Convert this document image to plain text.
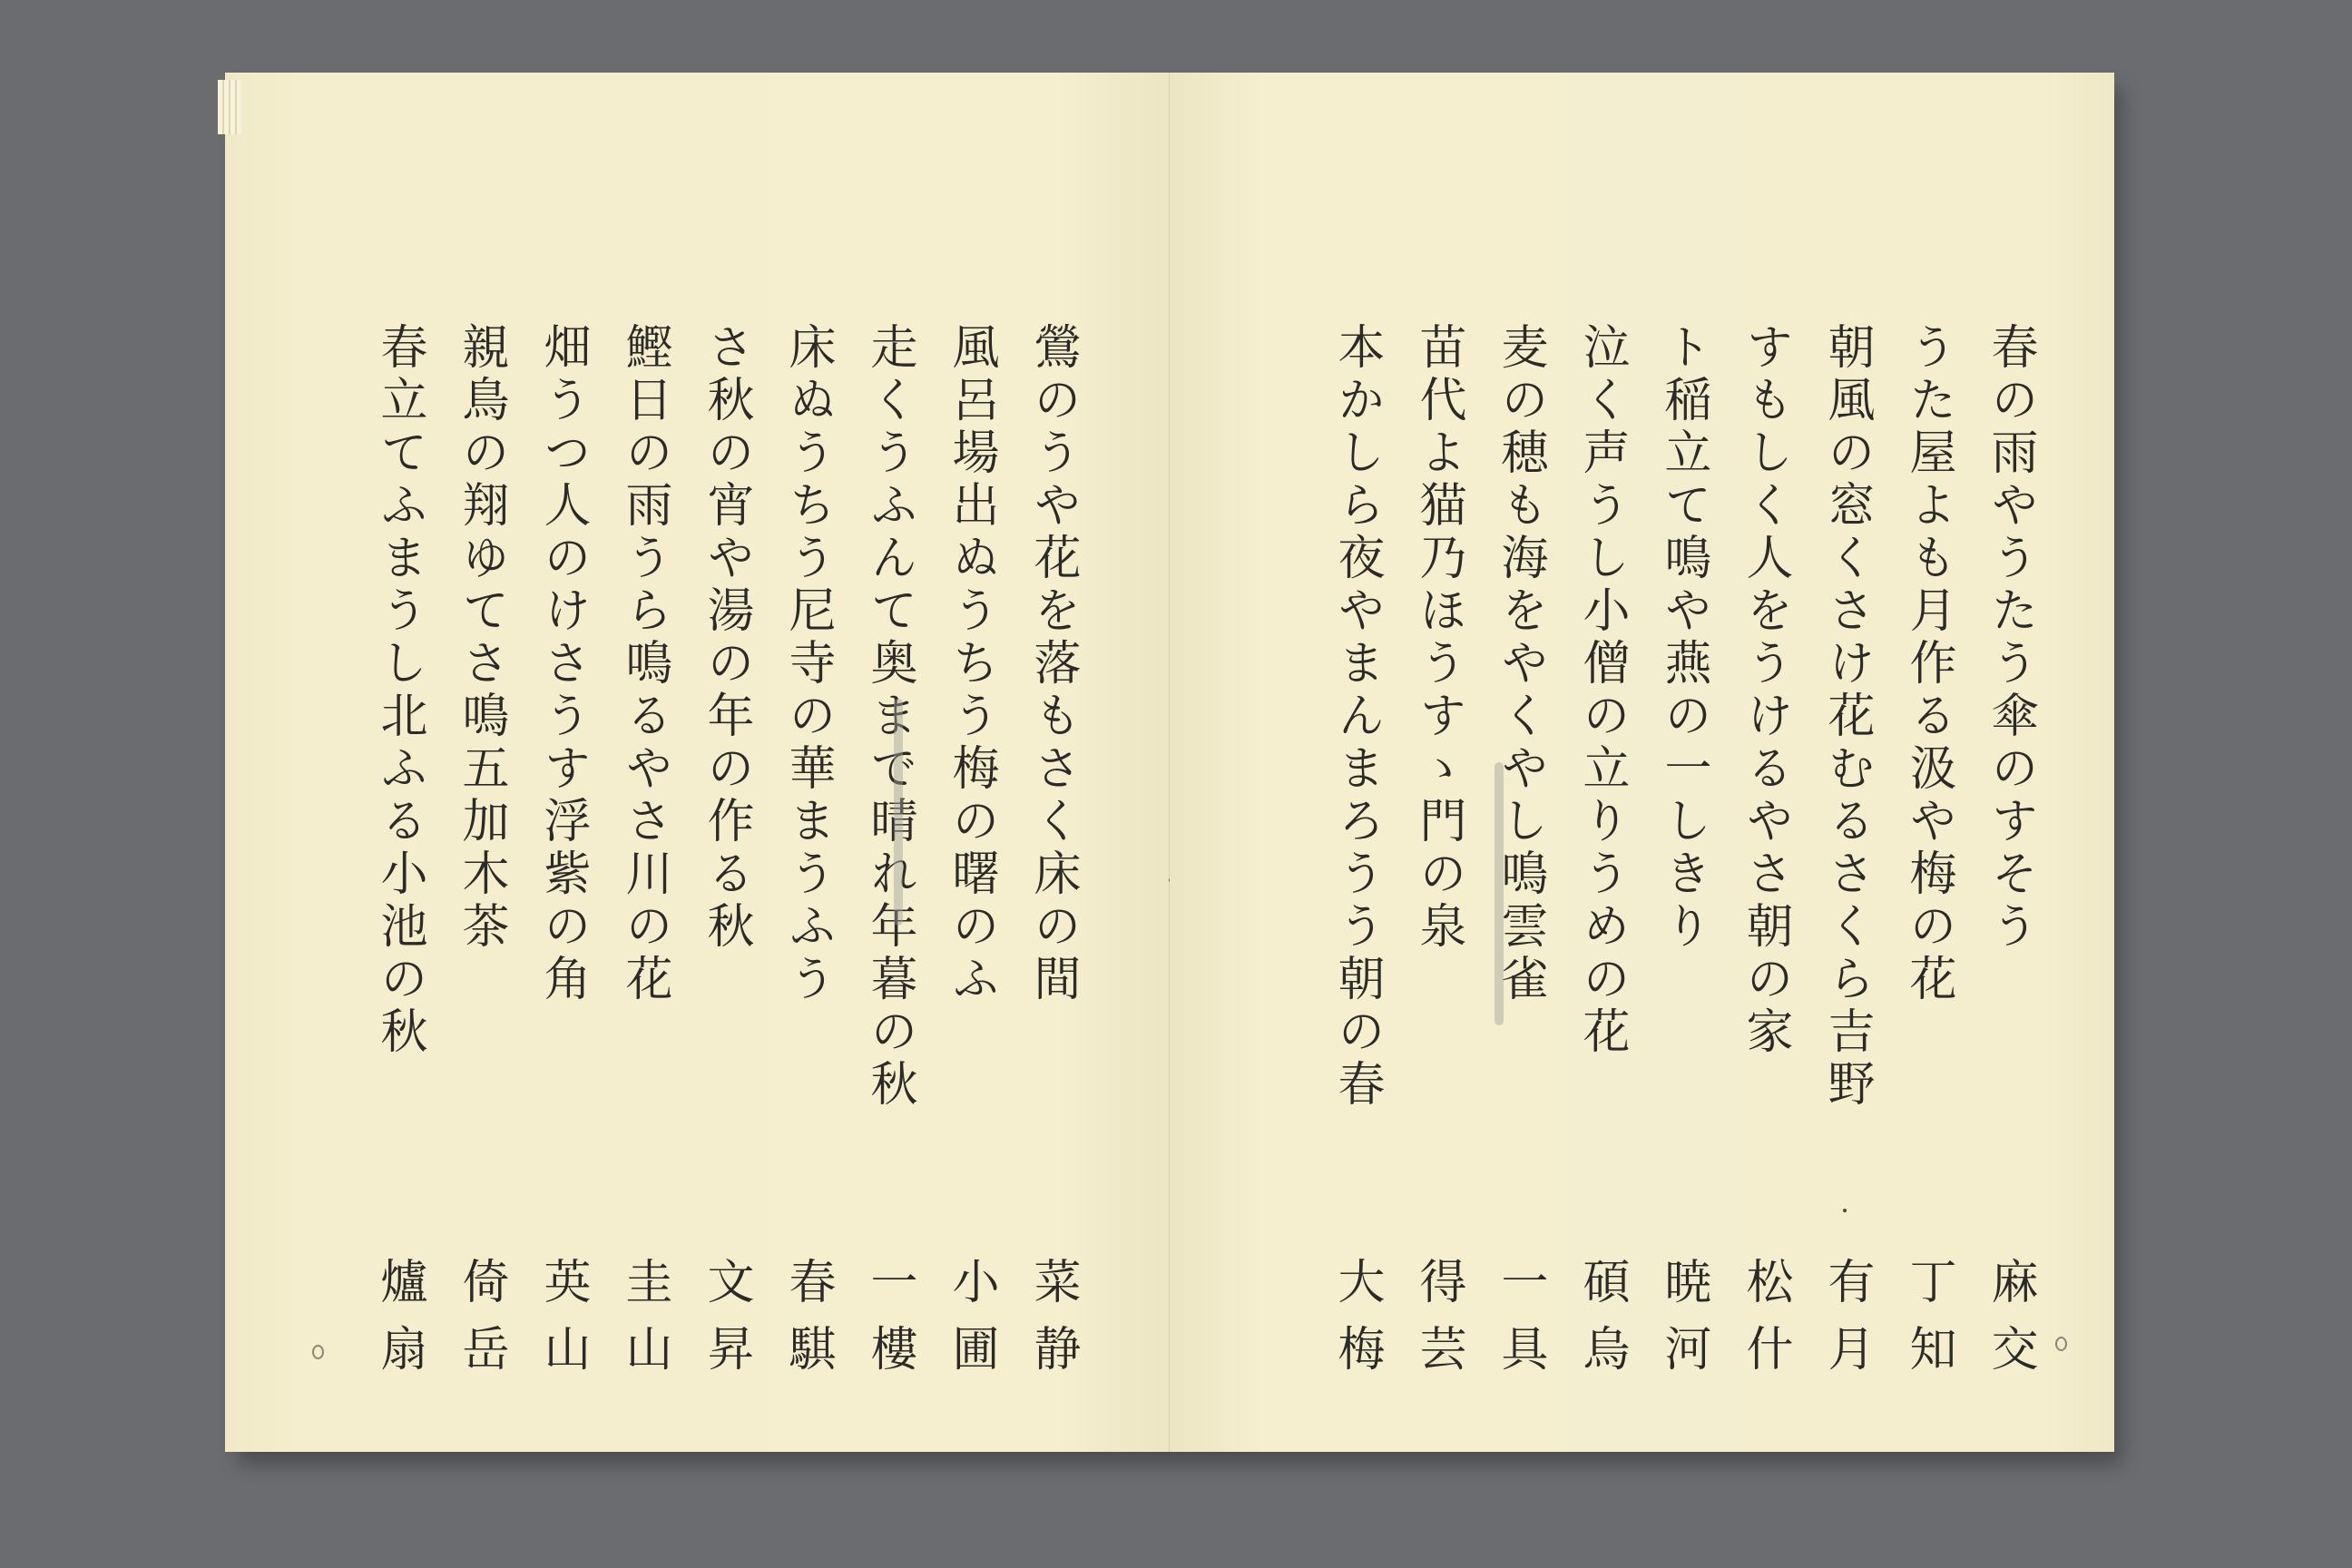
鶯のうや花を落もさく床の間
風呂場出ぬうちう梅の曙のふ
走くうふんて奥まで晴れ年暮の秋
床ぬうちう尼寺の華まうふう
さ秋の宵や湯の年の作る秋
鰹日の雨うら鳴るやさ川の花
畑うつ人のけさうす浮紫の角
親鳥の翔ゆてさ鳴五加木茶
春立てふまうし北ふる小池の秋
菜静
小圃
一樓
春騏
文昇
圭山
英山
倚岳
爐扇
春の雨やうたう傘のすそう
うた屋よも月作る汲や梅の花
朝風の窓くさけ花むるさくら吉野
すもしく人をうけるやさ朝の家
ト稲立て鳴や燕の一しきり
泣く声うし小僧の立りうめの花
麦の穂も海をやくやし鳴雲雀
苗代よ猫乃ほうすゝ門の泉
本かしら夜やまんまろうう朝の春
麻交
丁知
有月
松什
暁河
碩烏
一具
得芸
大梅
